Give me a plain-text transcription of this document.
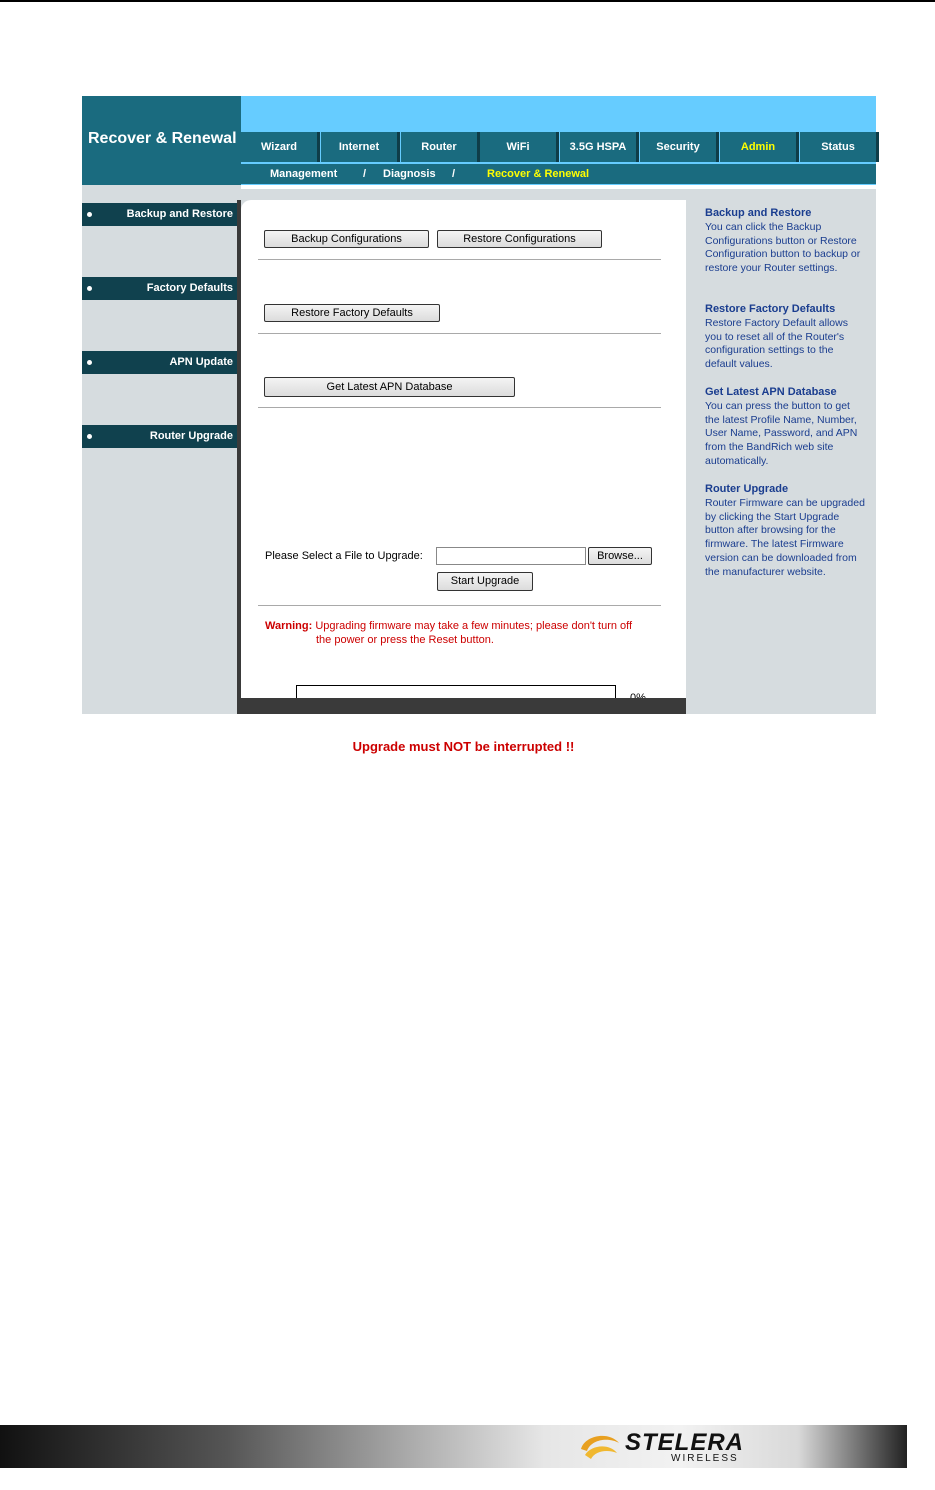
Recover & Renewal	Wizard	Internet	Router	WiFi	3.5G HSPA	Security	Admin	Status
Management / Diagnosis /	Recover & Renewal
Backup and Restore
Factory Defaults
APN Update
Router Upgrade
Backup Configurations	Restore Configurations
Restore Factory Defaults
Get Latest APN Database
Please Select a File to Upgrade:	Browse...
Start Upgrade
Warning: Upgrading firmware may take a few minutes; please don't turn off
the power or press the Reset button.
Upgrade must NOT be interrupted !!
Backup and Restore
You can click the Backup Configurations button or Restore Configuration button to backup or restore your Router settings.
Restore Factory Defaults
Restore Factory Default allows you to reset all of the Router's configuration settings to the default values.
Get Latest APN Database
You can press the button to get the latest Profile Name, Number, User Name, Password, and APN from the BandRich web site automatically.
Router Upgrade
Router Firmware can be upgraded by clicking the Start Upgrade button after browsing for the firmware. The latest Firmware version can be downloaded from the manufacturer website.
STELERA
WIRELESS
